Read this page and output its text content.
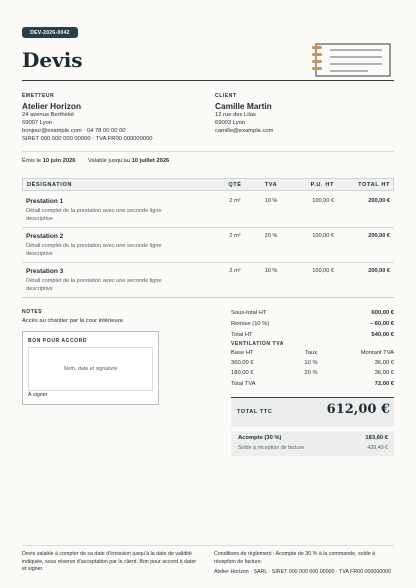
DEV-2026-0042
Devis
ÉMETTEUR
Atelier Horizon
24 avenue Berthelot
69007 Lyon
bonjour@example.com · 04 78 00 00 00
SIRET 000 000 000 00000 · TVA FR00 000000000
CLIENT
Camille Martin
12 rue des Lilas
69003 Lyon
camille@example.com
Émis le 10 juin 2026 Valable jusqu'au 10 juillet 2026
DÉSIGNATION	QTÉ	TVA	P.U. HT	TOTAL HT
Prestation 1
Détail complet de la prestation avec une seconde ligne
descriptive
2 m²	10 %	100,00 €	200,00 €
Prestation 2
Détail complet de la prestation avec une seconde ligne
descriptive
2 m²	20 %	100,00 €	200,00 €
Prestation 3
Détail complet de la prestation avec une seconde ligne
descriptive
2 m²	10 %	100,00 €	200,00 €
NOTES
Accès au chantier par la cour intérieure.
BON POUR ACCORD
Nom, date et signature
À signer
Sous-total HT	600,00 €
Remise (10 %)	– 60,00 €
Total HT	540,00 €
VENTILATION TVA
Base HT	Taux	Montant TVA
360,00 €	10 %	36,00 €
180,00 €	20 %	36,00 €
Total TVA	72,00 €
TOTAL TTC	612,00 €
Acompte (30 %)	183,60 €
Solde à réception de facture	428,40 €
Devis valable à compter de sa date d'émission jusqu'à la date de validité indiquée, sous réserve d'acceptation par le client. Bon pour accord à dater et signer.
Conditions de règlement : Acompte de 30 % à la commande, solde à réception de facture.
Atelier Horizon · SARL · SIRET 000 000 000 00000 · TVA FR00 000000000
